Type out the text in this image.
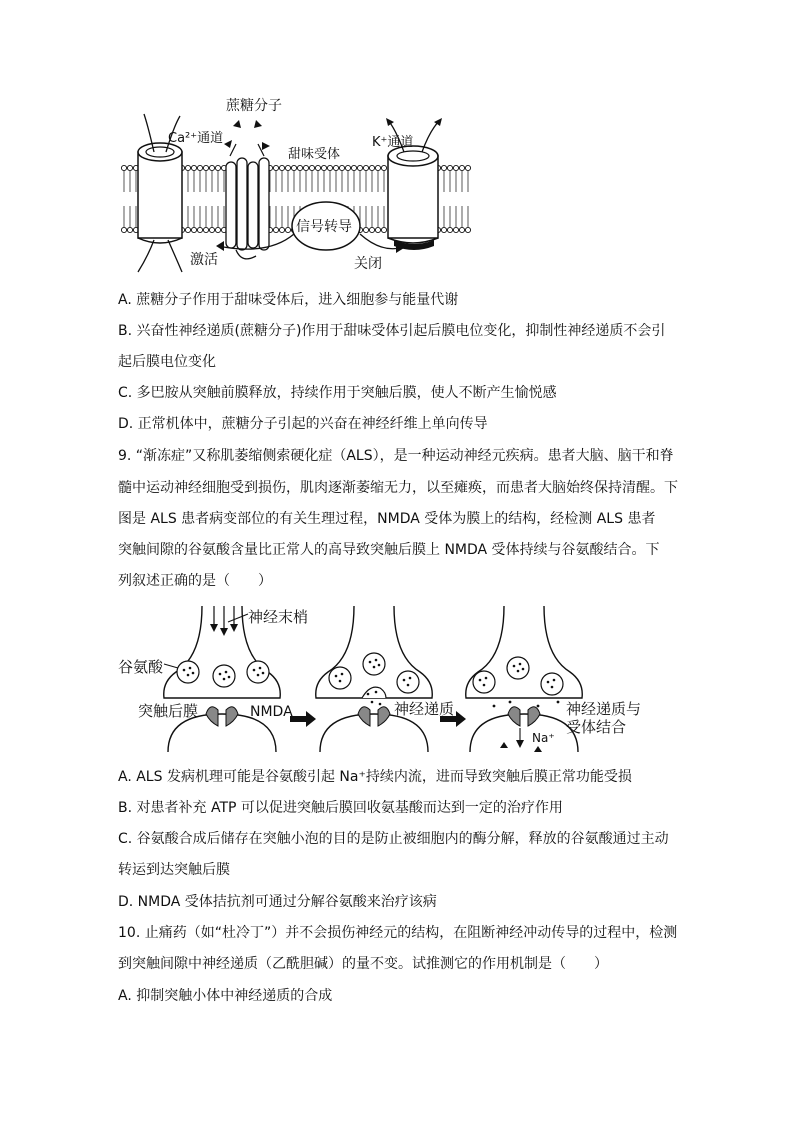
蔗糖分子
Ca²⁺通道
甜味受体
K⁺通道
信号转导
激活	关闭
A. 蔗糖分子作用于甜味受体后，进入细胞参与能量代谢
B. 兴奋性神经递质(蔗糖分子)作用于甜味受体引起后膜电位变化，抑制性神经递质不会引
起后膜电位变化
C. 多巴胺从突触前膜释放，持续作用于突触后膜，使人不断产生愉悦感
D. 正常机体中，蔗糖分子引起的兴奋在神经纤维上单向传导
9. “渐冻症”又称肌萎缩侧索硬化症（ALS），是一种运动神经元疾病。患者大脑、脑干和脊
髓中运动神经细胞受到损伤，肌肉逐渐萎缩无力，以至瘫痪，而患者大脑始终保持清醒。下
图是 ALS 患者病变部位的有关生理过程，NMDA 受体为膜上的结构，经检测 ALS 患者
突触间隙的谷氨酸含量比正常人的高导致突触后膜上 NMDA 受体持续与谷氨酸结合。下
列叙述正确的是（　　）
神经末梢
谷氨酸
突触后膜	NMDA	神经递质	神经递质与
受体结合
Na⁺
A. ALS 发病机理可能是谷氨酸引起 Na⁺持续内流，进而导致突触后膜正常功能受损
B. 对患者补充 ATP 可以促进突触后膜回收氨基酸而达到一定的治疗作用
C. 谷氨酸合成后储存在突触小泡的目的是防止被细胞内的酶分解，释放的谷氨酸通过主动
转运到达突触后膜
D. NMDA 受体拮抗剂可通过分解谷氨酸来治疗该病
10. 止痛药（如“杜冷丁”）并不会损伤神经元的结构，在阻断神经冲动传导的过程中，检测
到突触间隙中神经递质（乙酰胆碱）的量不变。试推测它的作用机制是（　　）
A. 抑制突触小体中神经递质的合成
